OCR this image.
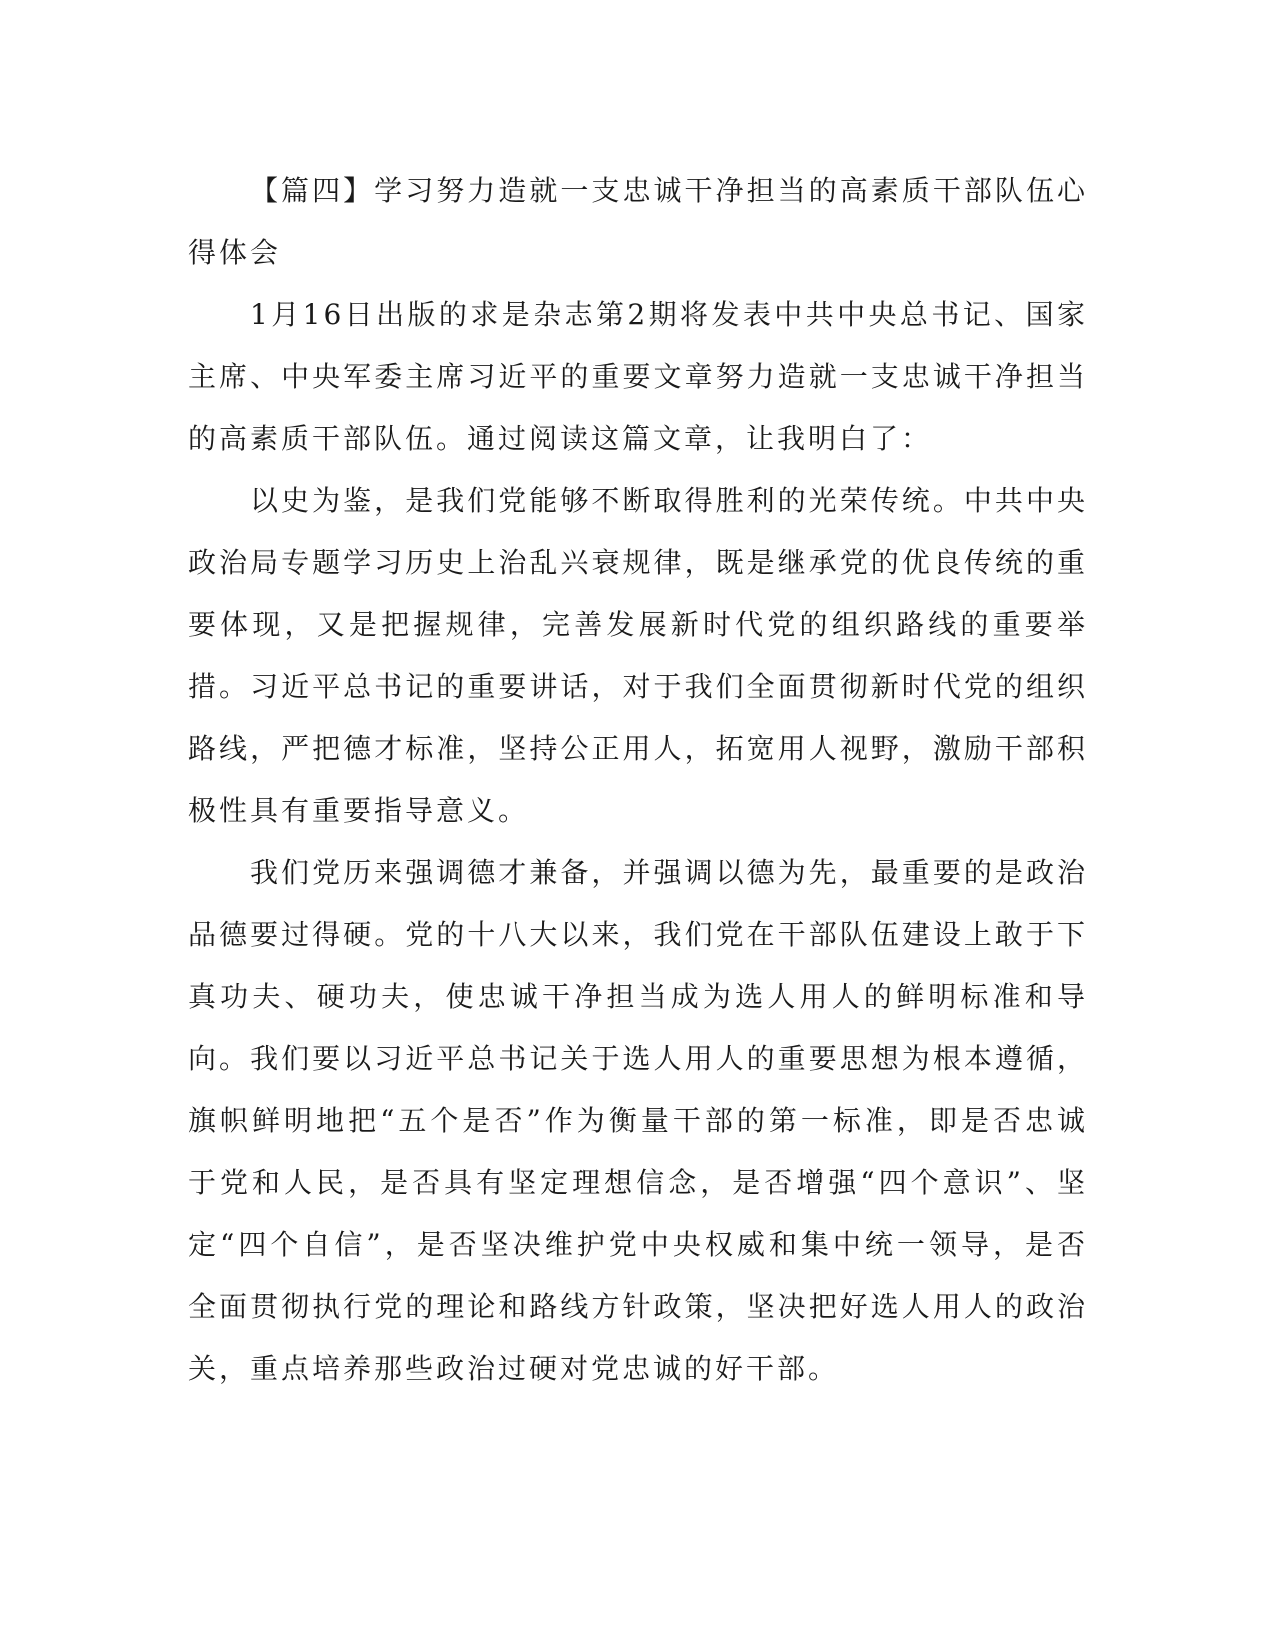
【篇四】学习努力造就一支忠诚干净担当的高素质干部队伍心得体会

1月16日出版的求是杂志第2期将发表中共中央总书记、国家主席、中央军委主席习近平的重要文章努力造就一支忠诚干净担当的高素质干部队伍。通过阅读这篇文章，让我明白了：

以史为鉴，是我们党能够不断取得胜利的光荣传统。中共中央政治局专题学习历史上治乱兴衰规律，既是继承党的优良传统的重要体现，又是把握规律，完善发展新时代党的组织路线的重要举措。习近平总书记的重要讲话，对于我们全面贯彻新时代党的组织路线，严把德才标准，坚持公正用人，拓宽用人视野，激励干部积极性具有重要指导意义。

我们党历来强调德才兼备，并强调以德为先，最重要的是政治品德要过得硬。党的十八大以来，我们党在干部队伍建设上敢于下真功夫、硬功夫，使忠诚干净担当成为选人用人的鲜明标准和导向。我们要以习近平总书记关于选人用人的重要思想为根本遵循，旗帜鲜明地把“五个是否”作为衡量干部的第一标准，即是否忠诚于党和人民，是否具有坚定理想信念，是否增强“四个意识”、坚定“四个自信”，是否坚决维护党中央权威和集中统一领导，是否全面贯彻执行党的理论和路线方针政策，坚决把好选人用人的政治关，重点培养那些政治过硬对党忠诚的好干部。
